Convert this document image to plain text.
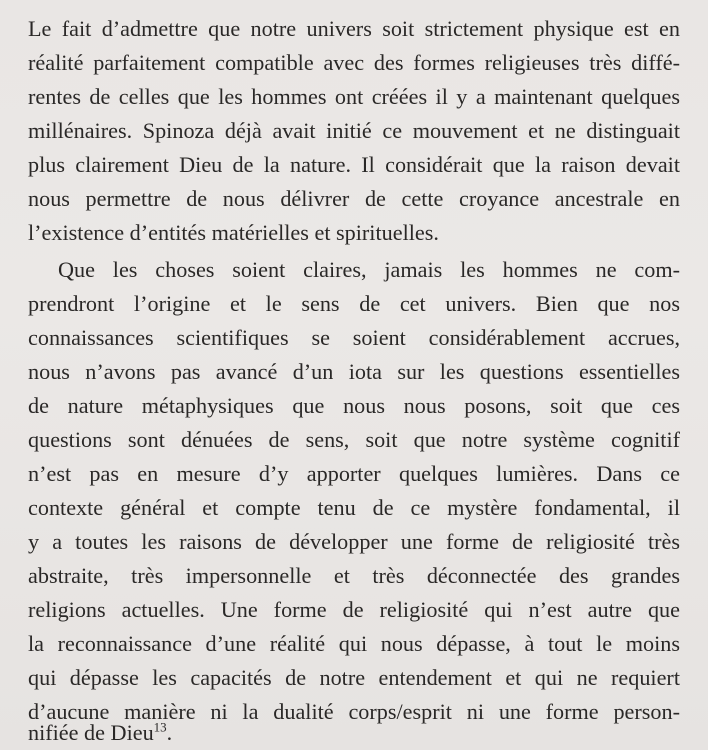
Le fait d’admettre que notre univers soit strictement physique est en
réalité parfaitement compatible avec des formes religieuses très diffé-
rentes de celles que les hommes ont créées il y a maintenant quelques
millénaires. Spinoza déjà avait initié ce mouvement et ne distinguait
plus clairement Dieu de la nature. Il considérait que la raison devait
nous permettre de nous délivrer de cette croyance ancestrale en
l’existence d’entités matérielles et spirituelles.
Que les choses soient claires, jamais les hommes ne com-
prendront l’origine et le sens de cet univers. Bien que nos
connaissances scientifiques se soient considérablement accrues,
nous n’avons pas avancé d’un iota sur les questions essentielles
de nature métaphysiques que nous nous posons, soit que ces
questions sont dénuées de sens, soit que notre système cognitif
n’est pas en mesure d’y apporter quelques lumières. Dans ce
contexte général et compte tenu de ce mystère fondamental, il
y a toutes les raisons de développer une forme de religiosité très
abstraite, très impersonnelle et très déconnectée des grandes
religions actuelles. Une forme de religiosité qui n’est autre que
la reconnaissance d’une réalité qui nous dépasse, à tout le moins
qui dépasse les capacités de notre entendement et qui ne requiert
d’aucune manière ni la dualité corps/esprit ni une forme person-
nifiée de Dieu$^{13}$.
